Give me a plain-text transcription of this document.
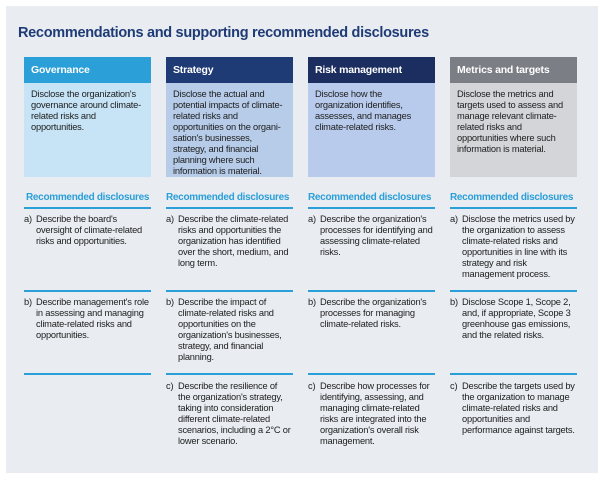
Recommendations and supporting recommended disclosures
Governance
Disclose the organization's governance around climate-related risks and opportunities.
Recommended disclosures
a) Describe the board's oversight of climate-related risks and opportunities.
b) Describe management's role in assessing and managing climate-related risks and opportunities.
Strategy
Disclose the actual and potential impacts of climate-related risks and opportunities on the organi-sation's businesses, strategy, and financial planning where such information is material.
Recommended disclosures
a) Describe the climate-related risks and opportunities the organization has identified over the short, medium, and long term.
b) Describe the impact of climate-related risks and opportunities on the organization's businesses, strategy, and financial planning.
c) Describe the resilience of the organization's strategy, taking into consideration different climate-related scenarios, including a 2°C or lower scenario.
Risk management
Disclose how the organization identifies, assesses, and manages climate-related risks.
Recommended disclosures
a) Describe the organization's processes for identifying and assessing climate-related risks.
b) Describe the organization's processes for managing climate-related risks.
c) Describe how processes for identifying, assessing, and managing climate-related risks are integrated into the organization's overall risk management.
Metrics and targets
Disclose the metrics and targets used to assess and manage relevant climate-related risks and opportunities where such information is material.
Recommended disclosures
a) Disclose the metrics used by the organization to assess climate-related risks and opportunities in line with its strategy and risk management process.
b) Disclose Scope 1, Scope 2, and, if appropriate, Scope 3 greenhouse gas emissions, and the related risks.
c) Describe the targets used by the organization to manage climate-related risks and opportunities and performance against targets.
